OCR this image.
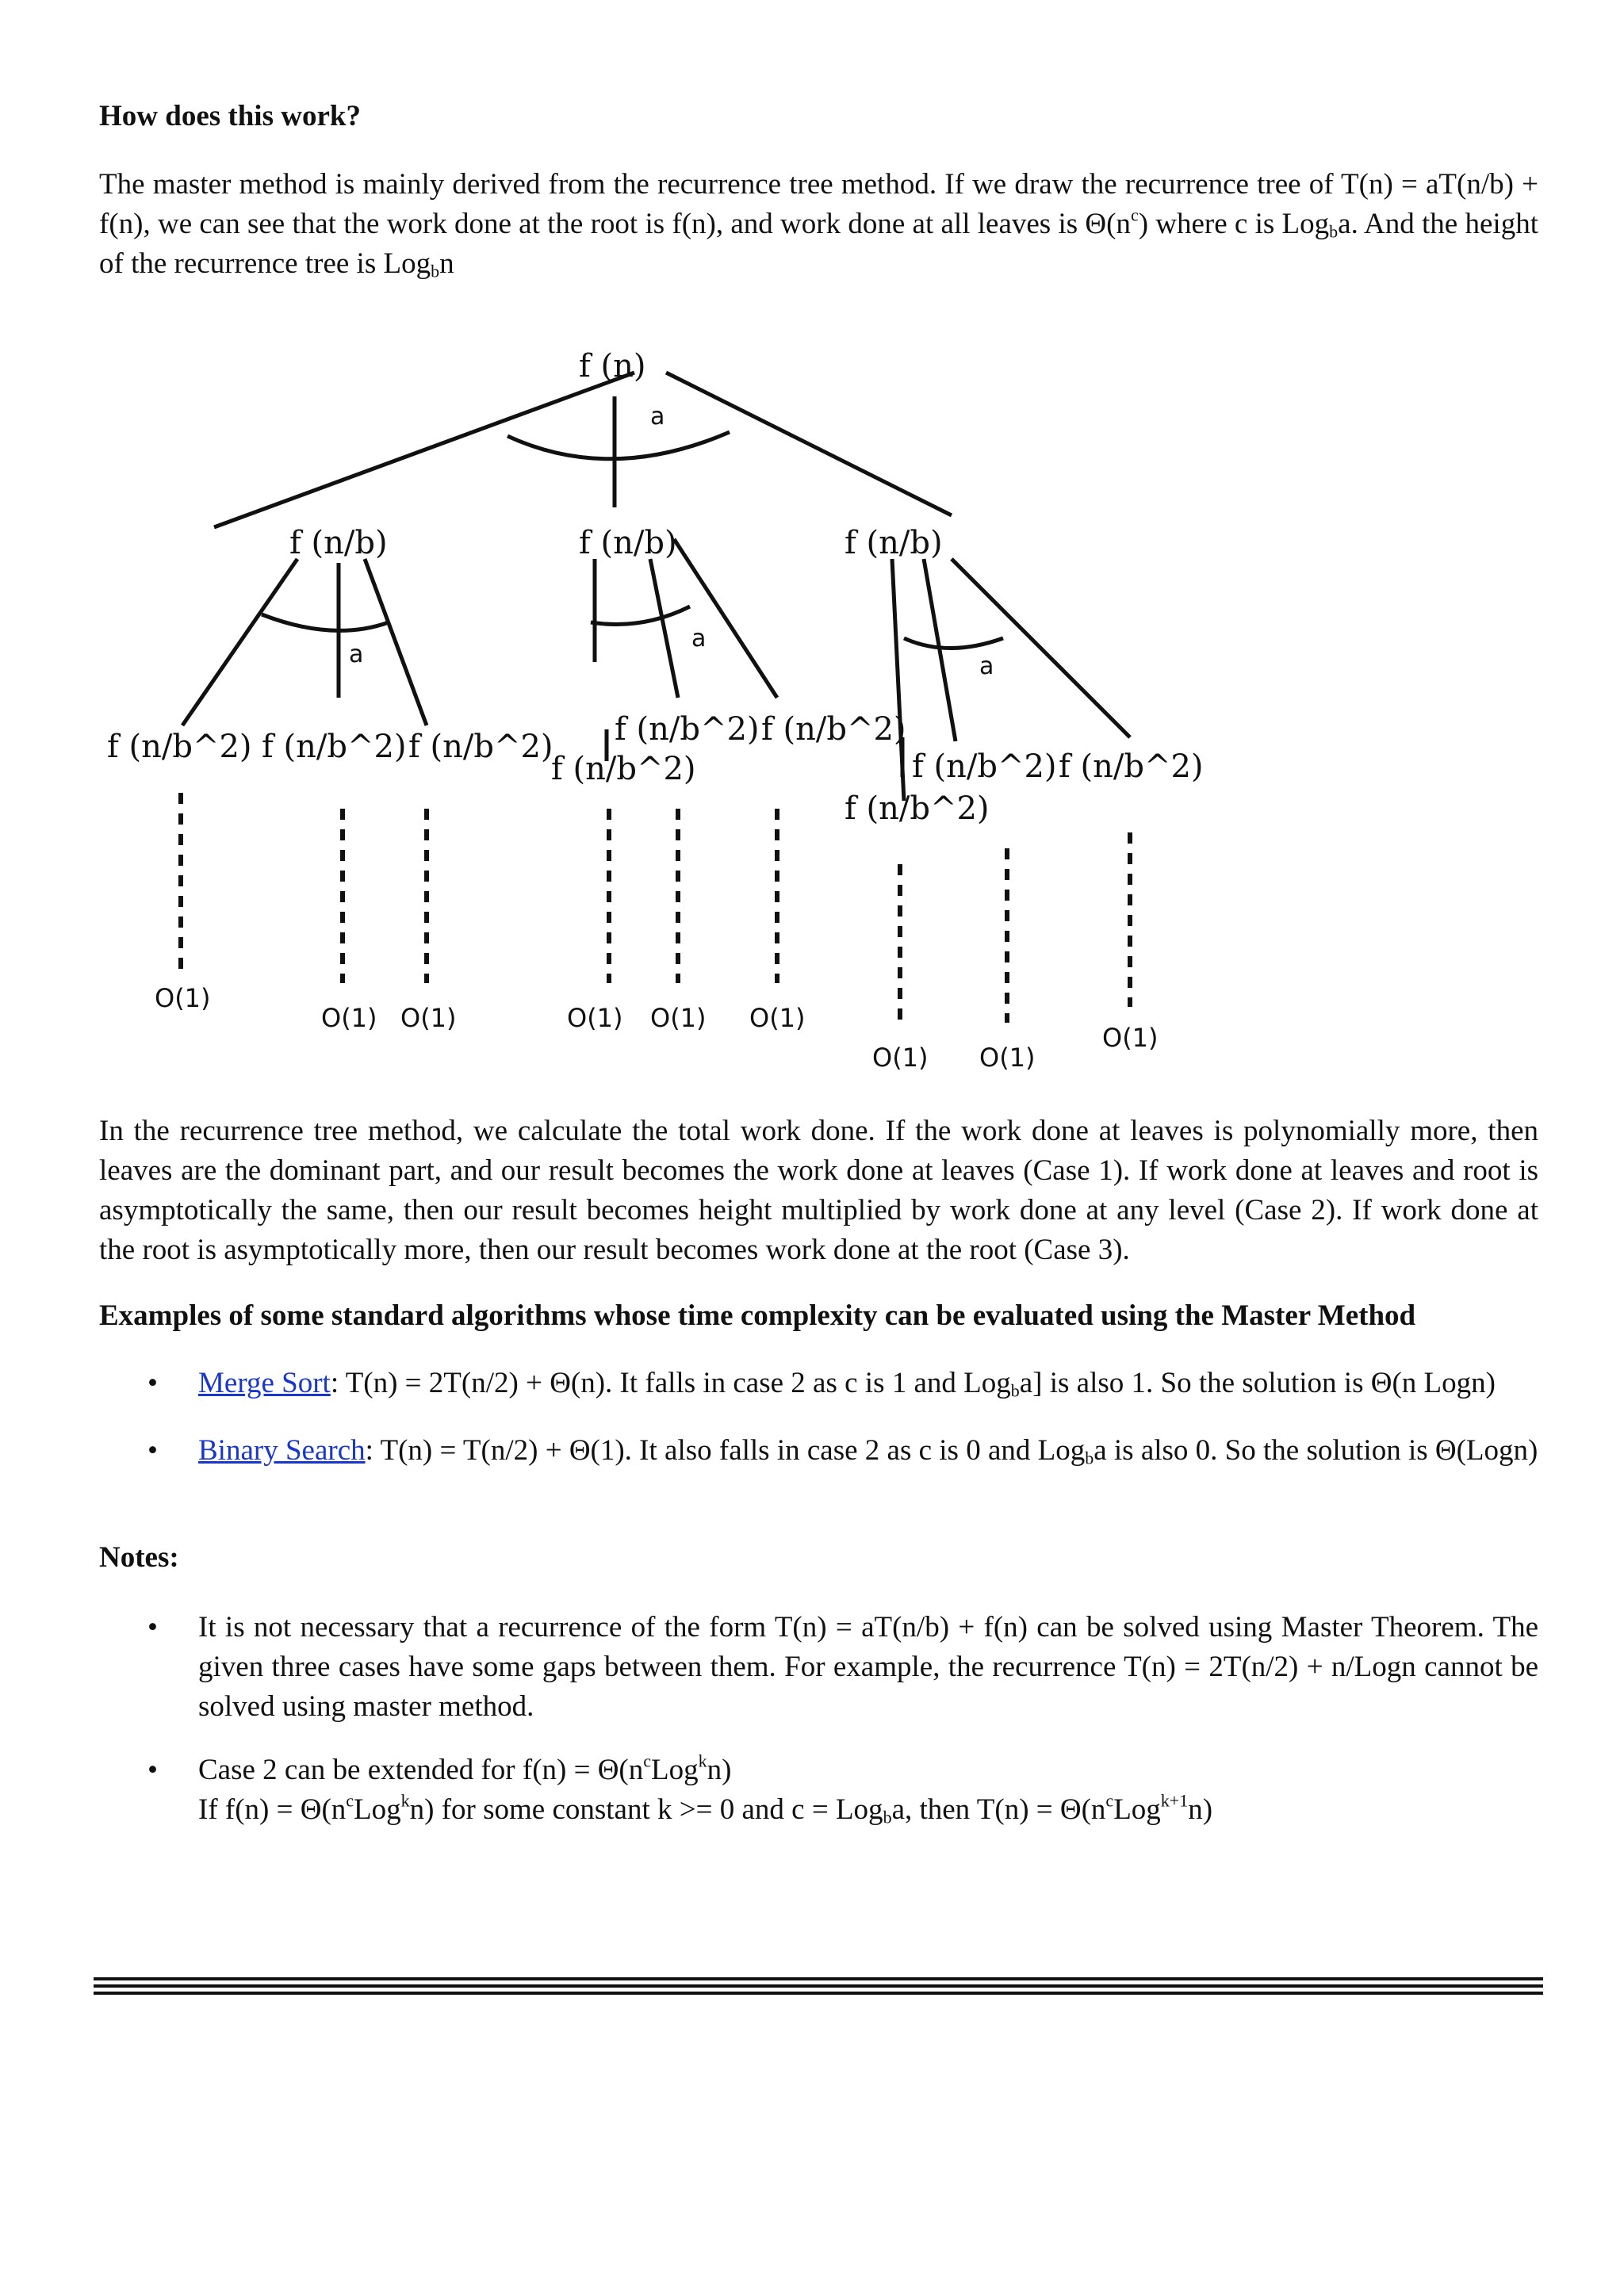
How does this work?
The master method is mainly derived from the recurrence tree method. If we draw the recurrence tree of T(n) = aT(n/b) + f(n), we can see that the work done at the root is f(n), and work done at all leaves is $\Theta(n^c)$ where c is Log$_b$a. And the height of the recurrence tree is Log$_b$n
f (n)
f (n/b)	f (n/b)	f (n/b)
f (n/b^2) f (n/b^2) f (n/b^2)
f (n/b^2)
f (n/b^2) f (n/b^2)
f (n/b^2)
f (n/b^2) f (n/b^2)
a
a
a
a
O(1)
O(1) O(1)	O(1) O(1) O(1)
O(1) O(1)
O(1)
In the recurrence tree method, we calculate the total work done. If the work done at leaves is polynomially more, then leaves are the dominant part, and our result becomes the work done at leaves (Case 1). If work done at leaves and root is asymptotically the same, then our result becomes height multiplied by work done at any level (Case 2). If work done at the root is asymptotically more, then our result becomes work done at the root (Case 3).
Examples of some standard algorithms whose time complexity can be evaluated using the Master Method
• Merge Sort: T(n) = 2T(n/2) + Θ(n). It falls in case 2 as c is 1 and Log$_b$a] is also 1. So the solution is Θ(n Logn)
• Binary Search: T(n) = T(n/2) + Θ(1). It also falls in case 2 as c is 0 and Log$_b$a is also 0. So the solution is Θ(Logn)
Notes:
• It is not necessary that a recurrence of the form T(n) = aT(n/b) + f(n) can be solved using Master Theorem. The given three cases have some gaps between them. For example, the recurrence T(n) = 2T(n/2) + n/Logn cannot be solved using master method.
• Case 2 can be extended for $f(n) = \Theta(n^cLog^kn)$
If $f(n) = \Theta(n^cLog^kn)$ for some constant k >= 0 and c = Log$_b$a, then $T(n) = \Theta(n^cLog^{k+1}n)$
